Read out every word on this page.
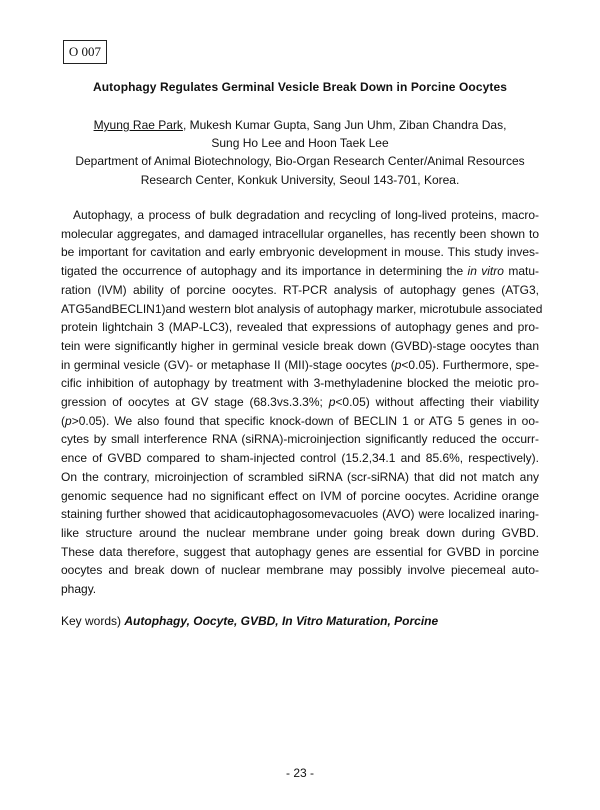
O 007
Autophagy Regulates Germinal Vesicle Break Down in Porcine Oocytes
Myung Rae Park, Mukesh Kumar Gupta, Sang Jun Uhm, Ziban Chandra Das,
Sung Ho Lee and Hoon Taek Lee
Department of Animal Biotechnology, Bio-Organ Research Center/Animal Resources
Research Center, Konkuk University, Seoul 143-701, Korea.
Autophagy, a process of bulk degradation and recycling of long-lived proteins, macro-
molecular aggregates, and damaged intracellular organelles, has recently been shown to
be important for cavitation and early embryonic development in mouse. This study inves-
tigated the occurrence of autophagy and its importance in determining the in vitro matu-
ration (IVM) ability of porcine oocytes. RT-PCR analysis of autophagy genes (ATG3,
ATG5andBECLIN1)and western blot analysis of autophagy marker, microtubule associated
protein lightchain 3 (MAP-LC3), revealed that expressions of autophagy genes and pro-
tein were significantly higher in germinal vesicle break down (GVBD)-stage oocytes than
in germinal vesicle (GV)- or metaphase II (MII)-stage oocytes (p<0.05). Furthermore, spe-
cific inhibition of autophagy by treatment with 3-methyladenine blocked the meiotic pro-
gression of oocytes at GV stage (68.3vs.3.3%; p<0.05) without affecting their viability
(p>0.05). We also found that specific knock-down of BECLIN 1 or ATG 5 genes in oo-
cytes by small interference RNA (siRNA)-microinjection significantly reduced the occurr-
ence of GVBD compared to sham-injected control (15.2,34.1 and 85.6%, respectively).
On the contrary, microinjection of scrambled siRNA (scr-siRNA) that did not match any
genomic sequence had no significant effect on IVM of porcine oocytes. Acridine orange
staining further showed that acidicautophagosomevacuoles (AVO) were localized inaring-
like structure around the nuclear membrane under going break down during GVBD.
These data therefore, suggest that autophagy genes are essential for GVBD in porcine
oocytes and break down of nuclear membrane may possibly involve piecemeal auto-
phagy.
Key words) Autophagy, Oocyte, GVBD, In Vitro Maturation, Porcine
- 23 -
